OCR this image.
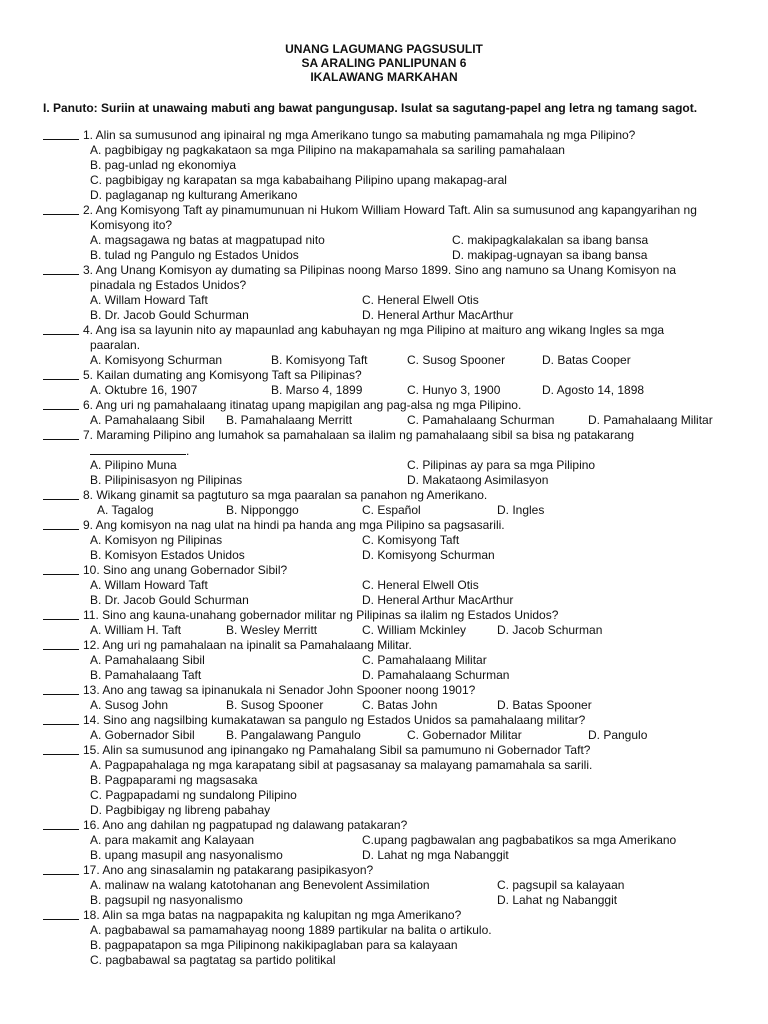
UNANG LAGUMANG PAGSUSULIT
SA ARALING PANLIPUNAN 6
IKALAWANG MARKAHAN
I. Panuto: Suriin at unawaing mabuti ang bawat pangungusap. Isulat sa sagutang-papel ang letra ng tamang sagot.
1. Alin sa sumusunod ang ipinairal ng mga Amerikano tungo sa mabuting pamamahala ng mga Pilipino?
A. pagbibigay ng pagkakataon sa mga Pilipino na makapamahala sa sariling pamahalaan
B. pag-unlad ng ekonomiya
C. pagbibigay ng karapatan sa mga kababaihang Pilipino upang makapag-aral
D. paglaganap ng kulturang Amerikano
2. Ang Komisyong Taft ay pinamumunuan ni Hukom William Howard Taft. Alin sa sumusunod ang kapangyarihan ng
Komisyong ito?
A. magsagawa ng batas at magpatupad nito	C. makipagkalakalan sa ibang bansa
B. tulad ng Pangulo ng Estados Unidos	D. makipag-ugnayan sa ibang bansa
3. Ang Unang Komisyon ay dumating sa Pilipinas noong Marso 1899. Sino ang namuno sa Unang Komisyon na
pinadala ng Estados Unidos?
A. Willam Howard Taft	C. Heneral Elwell Otis
B. Dr. Jacob Gould Schurman	D. Heneral Arthur MacArthur
4. Ang isa sa layunin nito ay mapaunlad ang kabuhayan ng mga Pilipino at maituro ang wikang Ingles sa mga
paaralan.
A. Komisyong Schurman	B. Komisyong Taft	C. Susog Spooner	D. Batas Cooper
5. Kailan dumating ang Komisyong Taft sa Pilipinas?
A. Oktubre 16, 1907	B. Marso 4, 1899	C. Hunyo 3, 1900	D. Agosto 14, 1898
6. Ang uri ng pamahalaang itinatag upang mapigilan ang pag-alsa ng mga Pilipino.
A. Pamahalaang Sibil B. Pamahalaang Merritt	C. Pamahalaang Schurman	D. Pamahalaang Militar
7. Maraming Pilipino ang lumahok sa pamahalaan sa ilalim ng pamahalaang sibil sa bisa ng patakarang
.
A. Pilipino Muna	C. Pilipinas ay para sa mga Pilipino
B. Pilipinisasyon ng Pilipinas	D. Makataong Asimilasyon
8. Wikang ginamit sa pagtuturo sa mga paaralan sa panahon ng Amerikano.
A. Tagalog	B. Nipponggo	C. Español	D. Ingles
9. Ang komisyon na nag ulat na hindi pa handa ang mga Pilipino sa pagsasarili.
A. Komisyon ng Pilipinas	C. Komisyong Taft
B. Komisyon Estados Unidos	D. Komisyong Schurman
10. Sino ang unang Gobernador Sibil?
A. Willam Howard Taft	C. Heneral Elwell Otis
B. Dr. Jacob Gould Schurman	D. Heneral Arthur MacArthur
11. Sino ang kauna-unahang gobernador militar ng Pilipinas sa ilalim ng Estados Unidos?
A. William H. Taft	B. Wesley Merritt	C. William Mckinley	D. Jacob Schurman
12. Ang uri ng pamahalaan na ipinalit sa Pamahalaang Militar.
A. Pamahalaang Sibil	C. Pamahalaang Militar
B. Pamahalaang Taft	D. Pamahalaang Schurman
13. Ano ang tawag sa ipinanukala ni Senador John Spooner noong 1901?
A. Susog John	B. Susog Spooner	C. Batas John	D. Batas Spooner
14. Sino ang nagsilbing kumakatawan sa pangulo ng Estados Unidos sa pamahalaang militar?
A. Gobernador Sibil	B. Pangalawang Pangulo	C. Gobernador Militar	D. Pangulo
15. Alin sa sumusunod ang ipinangako ng Pamahalang Sibil sa pamumuno ni Gobernador Taft?
A. Pagpapahalaga ng mga karapatang sibil at pagsasanay sa malayang pamamahala sa sarili.
B. Pagpaparami ng magsasaka
C. Pagpapadami ng sundalong Pilipino
D. Pagbibigay ng libreng pabahay
16. Ano ang dahilan ng pagpatupad ng dalawang patakaran?
A. para makamit ang Kalayaan	C.upang pagbawalan ang pagbabatikos sa mga Amerikano
B. upang masupil ang nasyonalismo	D. Lahat ng mga Nabanggit
17. Ano ang sinasalamin ng patakarang pasipikasyon?
A. malinaw na walang katotohanan ang Benevolent Assimilation	C. pagsupil sa kalayaan
B. pagsupil ng nasyonalismo	D. Lahat ng Nabanggit
18. Alin sa mga batas na nagpapakita ng kalupitan ng mga Amerikano?
A. pagbabawal sa pamamahayag noong 1889 partikular na balita o artikulo.
B. pagpapatapon sa mga Pilipinong nakikipaglaban para sa kalayaan
C. pagbabawal sa pagtatag sa partido politikal
